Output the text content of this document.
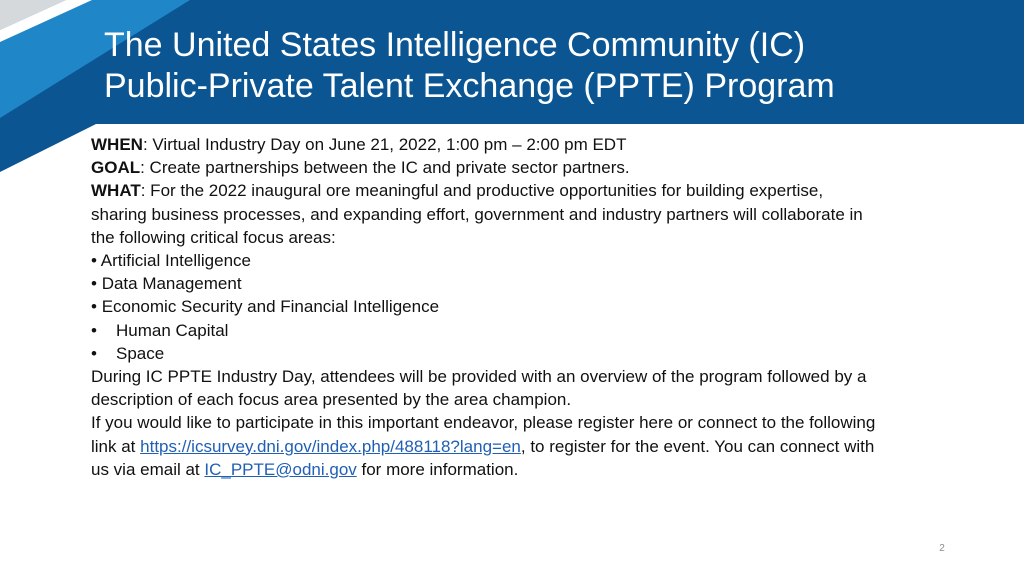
The United States Intelligence Community (IC)
Public-Private Talent Exchange (PPTE) Program
WHEN: Virtual Industry Day on June 21, 2022, 1:00 pm – 2:00 pm EDT
GOAL: Create partnerships between the IC and private sector partners.
WHAT: For the 2022 inaugural ore meaningful and productive opportunities for building expertise,
sharing business processes, and expanding effort, government and industry partners will collaborate in
the following critical focus areas:
• Artificial Intelligence
• Data Management
• Economic Security and Financial Intelligence
• Human Capital
• Space
During IC PPTE Industry Day, attendees will be provided with an overview of the program followed by a
description of each focus area presented by the area champion.
If you would like to participate in this important endeavor, please register here or connect to the following
link at https://icsurvey.dni.gov/index.php/488118?lang=en, to register for the event. You can connect with
us via email at IC_PPTE@odni.gov for more information.
2
